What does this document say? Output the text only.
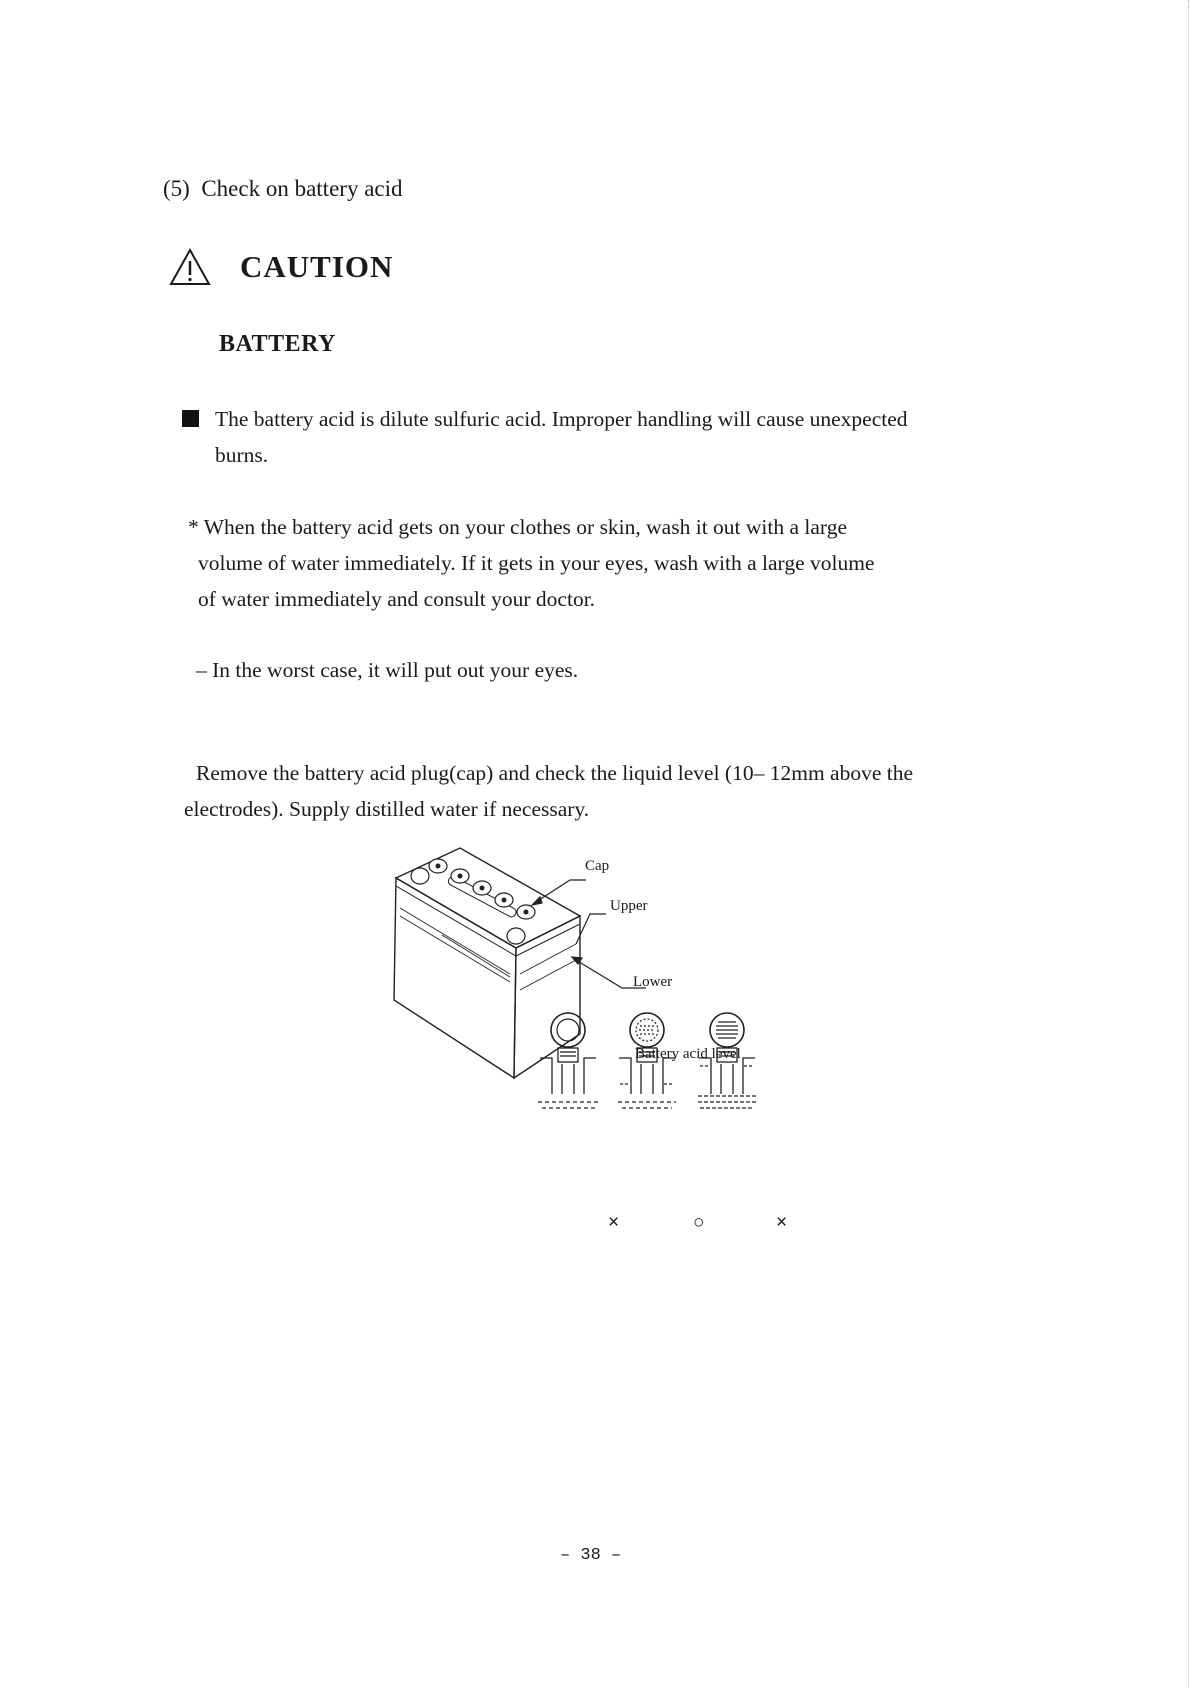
(5) Check on battery acid
CAUTION
BATTERY
The battery acid is dilute sulfuric acid. Improper handling will cause unexpected
burns.
* When the battery acid gets on your clothes or skin, wash it out with a large
volume of water immediately. If it gets in your eyes, wash with a large volume
of water immediately and consult your doctor.
– In the worst case, it will put out your eyes.
Remove the battery acid plug(cap) and check the liquid level (10– 12mm above the
electrodes). Supply distilled water if necessary.
Cap
Upper
Lower
Battery acid level
×	○	×
– 38 –
